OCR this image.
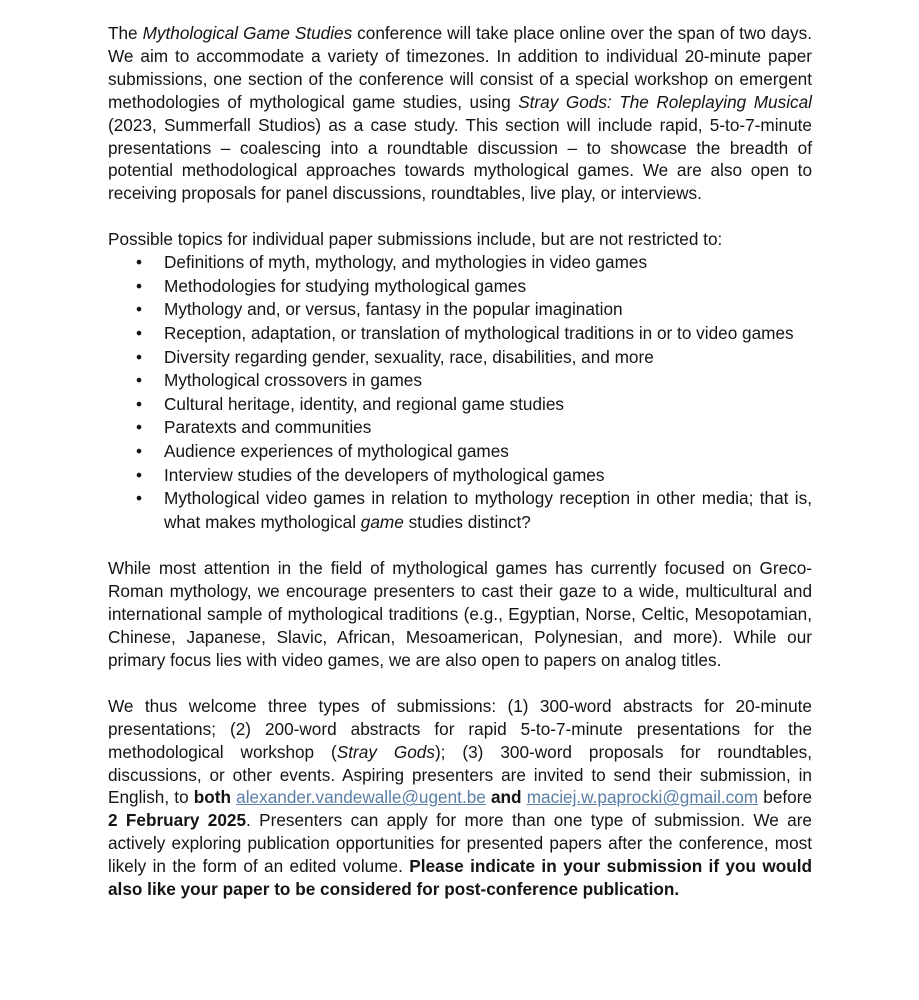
The Mythological Game Studies conference will take place online over the span of two days. We aim to accommodate a variety of timezones. In addition to individual 20-minute paper submissions, one section of the conference will consist of a special workshop on emergent methodologies of mythological game studies, using Stray Gods: The Roleplaying Musical (2023, Summerfall Studios) as a case study. This section will include rapid, 5-to-7-minute presentations – coalescing into a roundtable discussion – to showcase the breadth of potential methodological approaches towards mythological games. We are also open to receiving proposals for panel discussions, roundtables, live play, or interviews.

Possible topics for individual paper submissions include, but are not restricted to:

• Definitions of myth, mythology, and mythologies in video games
• Methodologies for studying mythological games
• Mythology and, or versus, fantasy in the popular imagination
• Reception, adaptation, or translation of mythological traditions in or to video games
• Diversity regarding gender, sexuality, race, disabilities, and more
• Mythological crossovers in games
• Cultural heritage, identity, and regional game studies
• Paratexts and communities
• Audience experiences of mythological games
• Interview studies of the developers of mythological games
• Mythological video games in relation to mythology reception in other media; that is, what makes mythological game studies distinct?

While most attention in the field of mythological games has currently focused on Greco-Roman mythology, we encourage presenters to cast their gaze to a wide, multicultural and international sample of mythological traditions (e.g., Egyptian, Norse, Celtic, Mesopotamian, Chinese, Japanese, Slavic, African, Mesoamerican, Polynesian, and more). While our primary focus lies with video games, we are also open to papers on analog titles.

We thus welcome three types of submissions: (1) 300-word abstracts for 20-minute presentations; (2) 200-word abstracts for rapid 5-to-7-minute presentations for the methodological workshop (Stray Gods); (3) 300-word proposals for roundtables, discussions, or other events. Aspiring presenters are invited to send their submission, in English, to both alexander.vandewalle@ugent.be and maciej.w.paprocki@gmail.com before 2 February 2025. Presenters can apply for more than one type of submission. We are actively exploring publication opportunities for presented papers after the conference, most likely in the form of an edited volume. Please indicate in your submission if you would also like your paper to be considered for post-conference publication.
